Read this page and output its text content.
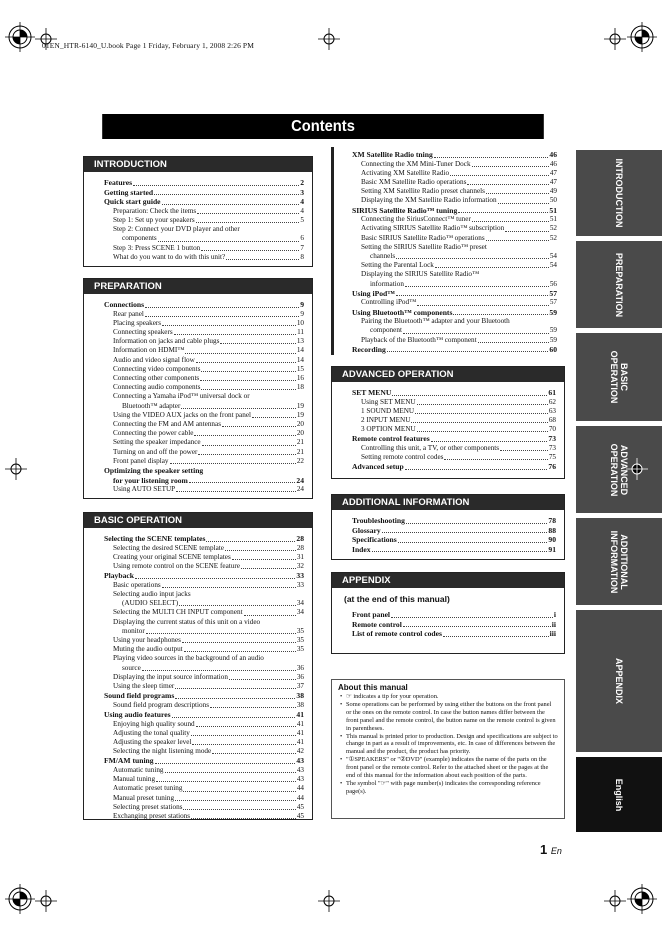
01EN_HTR-6140_U.book Page 1 Friday, February 1, 2008 2:26 PM
Contents
INTRODUCTION
Features	2
Getting started	3
Quick start guide	4
Preparation: Check the items	4
Step 1: Set up your speakers	5
Step 2: Connect your DVD player and other
components	6
Step 3: Press SCENE 1 button	7
What do you want to do with this unit?	8
PREPARATION
Connections	9
Rear panel	9
Placing speakers	10
Connecting speakers	11
Information on jacks and cable plugs	13
Information on HDMI™	14
Audio and video signal flow	14
Connecting video components	15
Connecting other components	16
Connecting audio components	18
Connecting a Yamaha iPod™ universal dock or
Bluetooth™ adapter	19
Using the VIDEO AUX jacks on the front panel	19
Connecting the FM and AM antennas	20
Connecting the power cable	20
Setting the speaker impedance	21
Turning on and off the power	21
Front panel display	22
Optimizing the speaker setting
for your listening room	24
Using AUTO SETUP	24
BASIC OPERATION
Selecting the SCENE templates	28
Selecting the desired SCENE template	28
Creating your original SCENE templates	31
Using remote control on the SCENE feature	32
Playback	33
Basic operations	33
Selecting audio input jacks
(AUDIO SELECT)	34
Selecting the MULTI CH INPUT component	34
Displaying the current status of this unit on a video
monitor	35
Using your headphones	35
Muting the audio output	35
Playing video sources in the background of an audio
source	36
Displaying the input source information	36
Using the sleep timer	37
Sound field programs	38
Sound field program descriptions	38
Using audio features	41
Enjoying high quality sound	41
Adjusting the tonal quality	41
Adjusting the speaker level	41
Selecting the night listening mode	42
FM/AM tuning	43
Automatic tuning	43
Manual tuning	43
Automatic preset tuning	44
Manual preset tuning	44
Selecting preset stations	45
Exchanging preset stations	45
XM Satellite Radio tning	46
Connecting the XM Mini-Tuner Dock	46
Activating XM Satellite Radio	47
Basic XM Satellite Radio operations	47
Setting XM Satellite Radio preset channels	49
Displaying the XM Satellite Radio information	50
SIRIUS Satellite Radio™ tuning	51
Connecting the SiriusConnect™ tuner	51
Activating SIRIUS Satellite Radio™ subscription	52
Basic SIRIUS Satellite Radio™ operations	52
Setting the SIRIUS Satellite Radio™ preset
channels	54
Setting the Parental Lock	54
Displaying the SIRIUS Satellite Radio™
information	56
Using iPod™	57
Controlling iPod™	57
Using Bluetooth™ components	59
Pairing the Bluetooth™ adapter and your Bluetooth
component	59
Playback of the Bluetooth™ component	59
Recording	60
ADVANCED OPERATION
SET MENU	61
Using SET MENU	62
1 SOUND MENU	63
2 INPUT MENU	68
3 OPTION MENU	70
Remote control features	73
Controlling this unit, a TV, or other components	73
Setting remote control codes	75
Advanced setup	76
ADDITIONAL INFORMATION
Troubleshooting	78
Glossary	88
Specifications	90
Index	91
APPENDIX
(at the end of this manual)
Front panel	i
Remote control	ii
List of remote control codes	iii
About this manual
• ☞ indicates a tip for your operation.
• Some operations can be performed by using either the buttons on the front panel or the ones on the remote control. In case the button names differ between the front panel and the remote control, the button name on the remote control is given in parentheses.
• This manual is printed prior to production. Design and specifications are subject to change in part as a result of improvements, etc. In case of differences between the manual and the product, the product has priority.
• "①SPEAKERS" or "②DVD" (example) indicates the name of the parts on the front panel or the remote control. Refer to the attached sheet or the pages at the end of this manual for the information about each position of the parts.
• The symbol "☞" with page number(s) indicates the corresponding reference page(s).
INTRODUCTION
PREPARATION
BASIC OPERATION
ADVANCED OPERATION
ADDITIONAL INFORMATION
APPENDIX
English
1 En
